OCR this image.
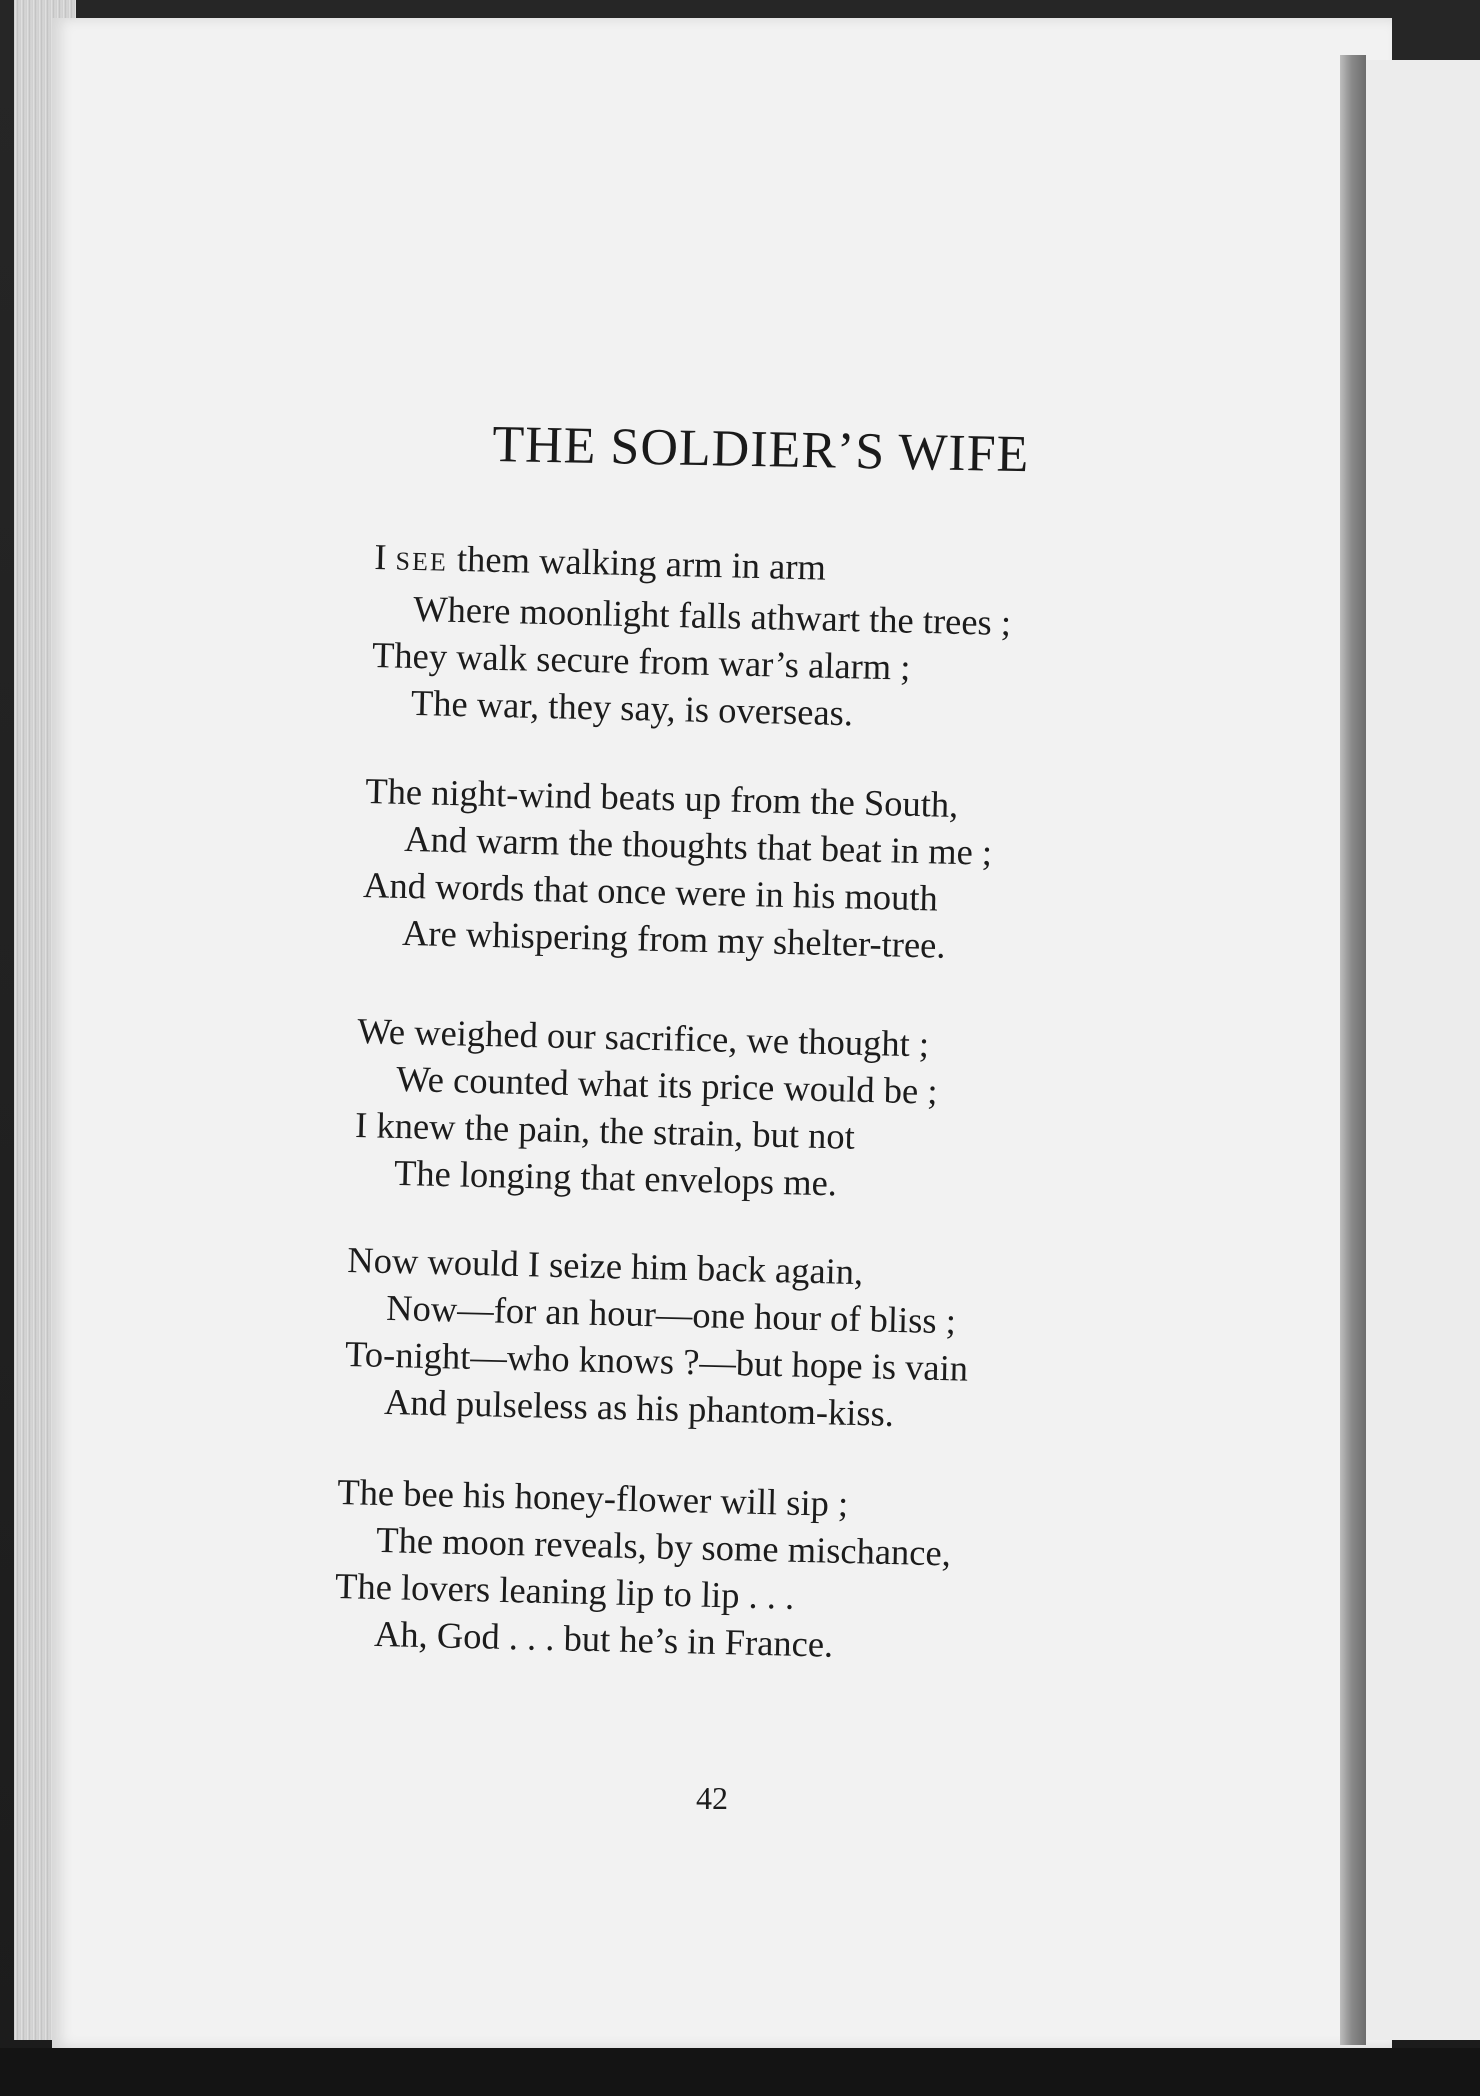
THE SOLDIER’S WIFE
I SEE them walking arm in arm
Where moonlight falls athwart the trees ;
They walk secure from war’s alarm ;
The war, they say, is overseas.
The night-wind beats up from the South,
And warm the thoughts that beat in me ;
And words that once were in his mouth
Are whispering from my shelter-tree.
We weighed our sacrifice, we thought ;
We counted what its price would be ;
I knew the pain, the strain, but not
The longing that envelops me.
Now would I seize him back again,
Now—for an hour—one hour of bliss ;
To-night—who knows ?—but hope is vain
And pulseless as his phantom-kiss.
The bee his honey-flower will sip ;
The moon reveals, by some mischance,
The lovers leaning lip to lip . . .
Ah, God . . . but he’s in France.
42
